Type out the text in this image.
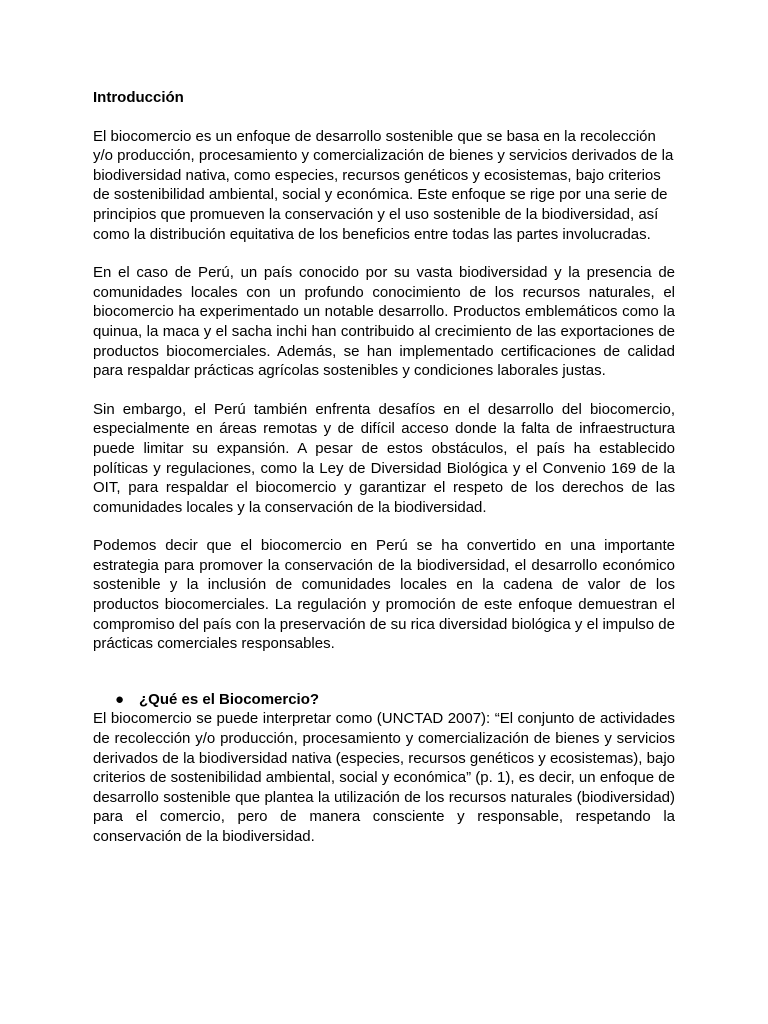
Introducción

El biocomercio es un enfoque de desarrollo sostenible que se basa en la recolección y/o producción, procesamiento y comercialización de bienes y servicios derivados de la biodiversidad nativa, como especies, recursos genéticos y ecosistemas, bajo criterios de sostenibilidad ambiental, social y económica. Este enfoque se rige por una serie de principios que promueven la conservación y el uso sostenible de la biodiversidad, así como la distribución equitativa de los beneficios entre todas las partes involucradas.

En el caso de Perú, un país conocido por su vasta biodiversidad y la presencia de comunidades locales con un profundo conocimiento de los recursos naturales, el biocomercio ha experimentado un notable desarrollo. Productos emblemáticos como la quinua, la maca y el sacha inchi han contribuido al crecimiento de las exportaciones de productos biocomerciales. Además, se han implementado certificaciones de calidad para respaldar prácticas agrícolas sostenibles y condiciones laborales justas.

Sin embargo, el Perú también enfrenta desafíos en el desarrollo del biocomercio, especialmente en áreas remotas y de difícil acceso donde la falta de infraestructura puede limitar su expansión. A pesar de estos obstáculos, el país ha establecido políticas y regulaciones, como la Ley de Diversidad Biológica y el Convenio 169 de la OIT, para respaldar el biocomercio y garantizar el respeto de los derechos de las comunidades locales y la conservación de la biodiversidad.

Podemos decir que el biocomercio en Perú se ha convertido en una importante estrategia para promover la conservación de la biodiversidad, el desarrollo económico sostenible y la inclusión de comunidades locales en la cadena de valor de los productos biocomerciales. La regulación y promoción de este enfoque demuestran el compromiso del país con la preservación de su rica diversidad biológica y el impulso de prácticas comerciales responsables.

● ¿Qué es el Biocomercio?

El biocomercio se puede interpretar como (UNCTAD 2007): “El conjunto de actividades de recolección y/o producción, procesamiento y comercialización de bienes y servicios derivados de la biodiversidad nativa (especies, recursos genéticos y ecosistemas), bajo criterios de sostenibilidad ambiental, social y económica” (p. 1), es decir, un enfoque de desarrollo sostenible que plantea la utilización de los recursos naturales (biodiversidad) para el comercio, pero de manera consciente y responsable, respetando la conservación de la biodiversidad.
